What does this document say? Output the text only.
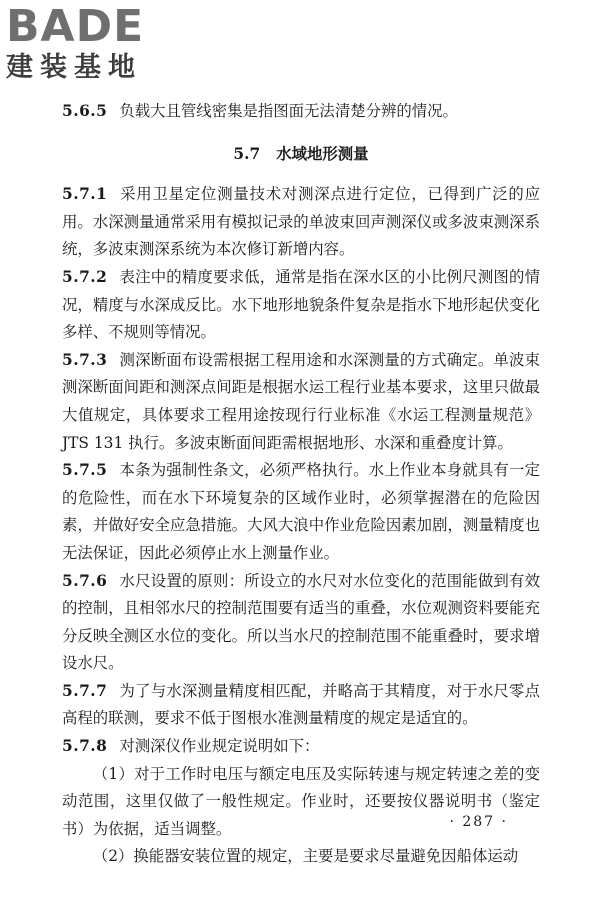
BADE
建装基地

5.6.5 负载大且管线密集是指图面无法清楚分辨的情况。

5.7 水域地形测量

5.7.1 采用卫星定位测量技术对测深点进行定位，已得到广泛的应用。水深测量通常采用有模拟记录的单波束回声测深仪或多波束测深系统，多波束测深系统为本次修订新增内容。

5.7.2 表注中的精度要求低，通常是指在深水区的小比例尺测图的情况，精度与水深成反比。水下地形地貌条件复杂是指水下地形起伏变化多样、不规则等情况。

5.7.3 测深断面布设需根据工程用途和水深测量的方式确定。单波束测深断面间距和测深点间距是根据水运工程行业基本要求，这里只做最大值规定，具体要求工程用途按现行行业标准《水运工程测量规范》JTS 131 执行。多波束断面间距需根据地形、水深和重叠度计算。

5.7.5 本条为强制性条文，必须严格执行。水上作业本身就具有一定的危险性，而在水下环境复杂的区域作业时，必须掌握潜在的危险因素，并做好安全应急措施。大风大浪中作业危险因素加剧，测量精度也无法保证，因此必须停止水上测量作业。

5.7.6 水尺设置的原则：所设立的水尺对水位变化的范围能做到有效的控制，且相邻水尺的控制范围要有适当的重叠，水位观测资料要能充分反映全测区水位的变化。所以当水尺的控制范围不能重叠时，要求增设水尺。

5.7.7 为了与水深测量精度相匹配，并略高于其精度，对于水尺零点高程的联测，要求不低于图根水准测量精度的规定是适宜的。

5.7.8 对测深仪作业规定说明如下：

（1）对于工作时电压与额定电压及实际转速与规定转速之差的变动范围，这里仅做了一般性规定。作业时，还要按仪器说明书（鉴定书）为依据，适当调整。

（2）换能器安装位置的规定，主要是要求尽量避免因船体运动

· 287 ·
